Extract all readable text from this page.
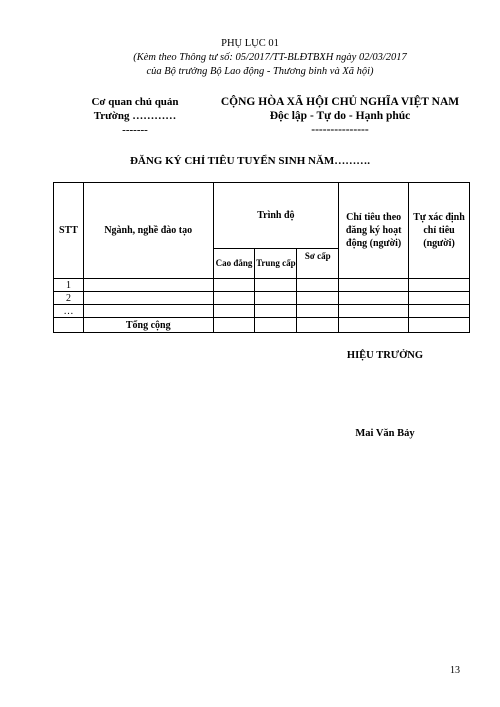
PHỤ LỤC 01
(Kèm theo Thông tư số: 05/2017/TT-BLĐTBXH ngày 02/03/2017
của Bộ trưởng Bộ Lao động - Thương binh và Xã hội)
Cơ quan chủ quản
Trường …………
-------
CỘNG HÒA XÃ HỘI CHỦ NGHĨA VIỆT NAM
Độc lập - Tự do - Hạnh phúc
---------------
ĐĂNG KÝ CHỈ TIÊU TUYỂN SINH NĂM……….
STT	Ngành, nghề đào tạo	Trình độ			Chỉ tiêu theo đăng ký hoạt động (người)	Tự xác định chỉ tiêu (người)
		Cao đẳng	Trung cấp	Sơ cấp		
1						
2						
…						
	Tổng cộng					
HIỆU TRƯỞNG
Mai Văn Bảy
13
